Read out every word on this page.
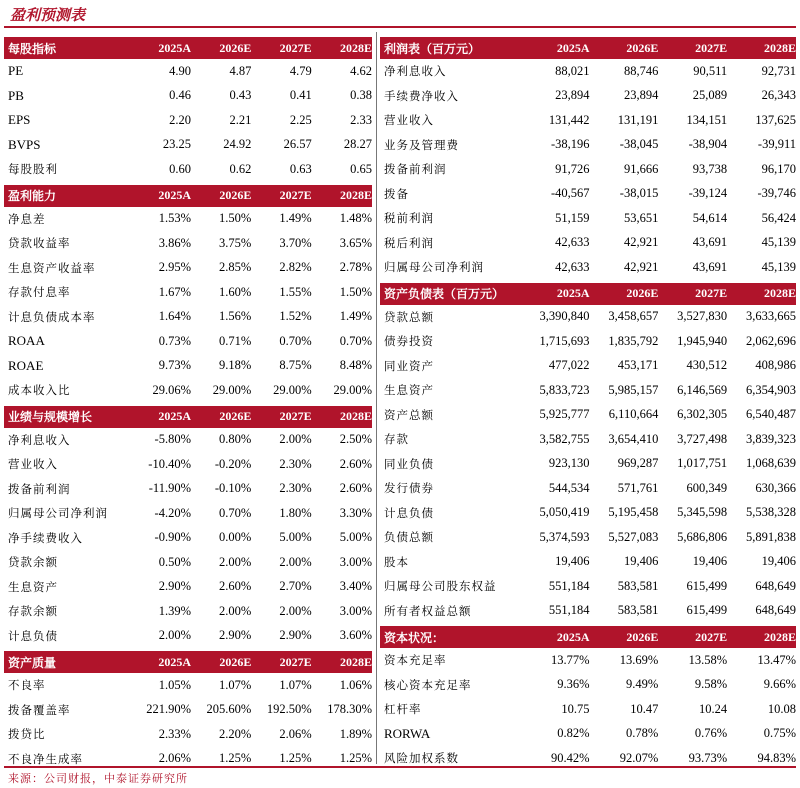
盈利预测表
每股指标	2025A	2026E	2027E	2028E
PE	4.90	4.87	4.79	4.62
PB	0.46	0.43	0.41	0.38
EPS	2.20	2.21	2.25	2.33
BVPS	23.25	24.92	26.57	28.27
每股股利	0.60	0.62	0.63	0.65
盈利能力	2025A	2026E	2027E	2028E
净息差	1.53%	1.50%	1.49%	1.48%
贷款收益率	3.86%	3.75%	3.70%	3.65%
生息资产收益率	2.95%	2.85%	2.82%	2.78%
存款付息率	1.67%	1.60%	1.55%	1.50%
计息负债成本率	1.64%	1.56%	1.52%	1.49%
ROAA	0.73%	0.71%	0.70%	0.70%
ROAE	9.73%	9.18%	8.75%	8.48%
成本收入比	29.06%	29.00%	29.00%	29.00%
业绩与规模增长	2025A	2026E	2027E	2028E
净利息收入	-5.80%	0.80%	2.00%	2.50%
营业收入	-10.40%	-0.20%	2.30%	2.60%
拨备前利润	-11.90%	-0.10%	2.30%	2.60%
归属母公司净利润	-4.20%	0.70%	1.80%	3.30%
净手续费收入	-0.90%	0.00%	5.00%	5.00%
贷款余额	0.50%	2.00%	2.00%	3.00%
生息资产	2.90%	2.60%	2.70%	3.40%
存款余额	1.39%	2.00%	2.00%	3.00%
计息负债	2.00%	2.90%	2.90%	3.60%
资产质量	2025A	2026E	2027E	2028E
不良率	1.05%	1.07%	1.07%	1.06%
拨备覆盖率	221.90%	205.60%	192.50%	178.30%
拨贷比	2.33%	2.20%	2.06%	1.89%
不良净生成率	2.06%	1.25%	1.25%	1.25%
利润表（百万元）	2025A	2026E	2027E	2028E
净利息收入	88,021	88,746	90,511	92,731
手续费净收入	23,894	23,894	25,089	26,343
营业收入	131,442	131,191	134,151	137,625
业务及管理费	-38,196	-38,045	-38,904	-39,911
拨备前利润	91,726	91,666	93,738	96,170
拨备	-40,567	-38,015	-39,124	-39,746
税前利润	51,159	53,651	54,614	56,424
税后利润	42,633	42,921	43,691	45,139
归属母公司净利润	42,633	42,921	43,691	45,139
资产负债表（百万元）	2025A	2026E	2027E	2028E
贷款总额	3,390,840	3,458,657	3,527,830	3,633,665
债券投资	1,715,693	1,835,792	1,945,940	2,062,696
同业资产	477,022	453,171	430,512	408,986
生息资产	5,833,723	5,985,157	6,146,569	6,354,903
资产总额	5,925,777	6,110,664	6,302,305	6,540,487
存款	3,582,755	3,654,410	3,727,498	3,839,323
同业负债	923,130	969,287	1,017,751	1,068,639
发行债券	544,534	571,761	600,349	630,366
计息负债	5,050,419	5,195,458	5,345,598	5,538,328
负债总额	5,374,593	5,527,083	5,686,806	5,891,838
股本	19,406	19,406	19,406	19,406
归属母公司股东权益	551,184	583,581	615,499	648,649
所有者权益总额	551,184	583,581	615,499	648,649
资本状况：	2025A	2026E	2027E	2028E
资本充足率	13.77%	13.69%	13.58%	13.47%
核心资本充足率	9.36%	9.49%	9.58%	9.66%
杠杆率	10.75	10.47	10.24	10.08
RORWA	0.82%	0.78%	0.76%	0.75%
风险加权系数	90.42%	92.07%	93.73%	94.83%
来源：公司财报，中泰证券研究所
